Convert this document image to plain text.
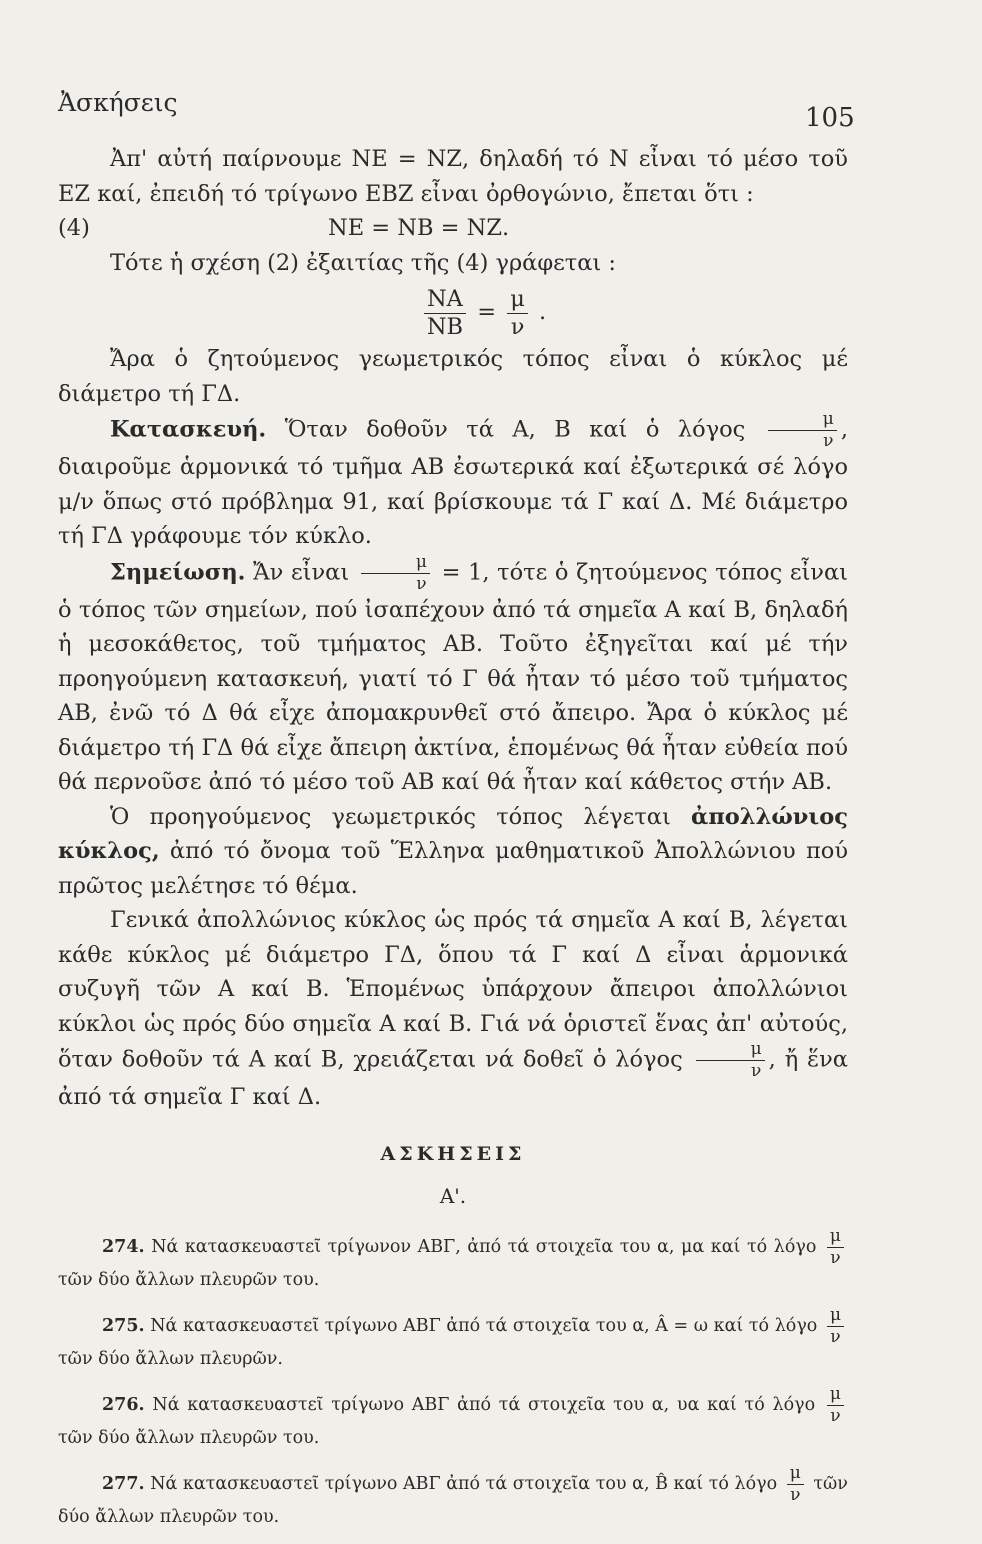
Ἀσκήσεις
105

Ἀπ' αὐτή παίρνουμε ΝΕ = ΝΖ, δηλαδή τό Ν εἶναι τό μέσο τοῦ ΕΖ καί, ἐπειδή τό τρίγωνο ΕΒΖ εἶναι ὀρθογώνιο, ἔπεται ὅτι :

(4)	ΝΕ = ΝΒ = ΝΖ.

Τότε ἡ σχέση (2) ἐξαιτίας τῆς (4) γράφεται :

$\frac{NA}{NB} = \frac{\mu}{\nu}$ .

Ἄρα ὁ ζητούμενος γεωμετρικός τόπος εἶναι ὁ κύκλος μέ διάμετρο τή ΓΔ.

Κατασκευή. Ὅταν δοθοῦν τά Α, Β καί ὁ λόγος $\frac{\mu}{\nu}$ , διαιροῦμε ἁρμονικά τό τμῆμα ΑΒ ἐσωτερικά καί ἐξωτερικά σέ λόγο μ/ν ὅπως στό πρόβλημα 91, καί βρίσκουμε τά Γ καί Δ. Μέ διάμετρο τή ΓΔ γράφουμε τόν κύκλο.

Σημείωση. Ἄν εἶναι $\frac{\mu}{\nu} = 1$, τότε ὁ ζητούμενος τόπος εἶναι ὁ τόπος τῶν σημείων, πού ἰσαπέχουν ἀπό τά σημεῖα Α καί Β, δηλαδή ἡ μεσοκάθετος, τοῦ τμήματος ΑΒ. Τοῦτο ἐξηγεῖται καί μέ τήν προηγούμενη κατασκευή, γιατί τό Γ θά ἦταν τό μέσο τοῦ τμήματος ΑΒ, ἐνῶ τό Δ θά εἶχε ἀπομακρυνθεῖ στό ἄπειρο. Ἄρα ὁ κύκλος μέ διάμετρο τή ΓΔ θά εἶχε ἄπειρη ἀκτίνα, ἑπομένως θά ἦταν εὐθεία πού θά περνοῦσε ἀπό τό μέσο τοῦ ΑΒ καί θά ἦταν καί κάθετος στήν ΑΒ.

Ὁ προηγούμενος γεωμετρικός τόπος λέγεται ἀπολλώνιος κύκλος, ἀπό τό ὄνομα τοῦ Ἕλληνα μαθηματικοῦ Ἀπολλώνιου πού πρῶτος μελέτησε τό θέμα.

Γενικά ἀπολλώνιος κύκλος ὡς πρός τά σημεῖα Α καί Β, λέγεται κάθε κύκλος μέ διάμετρο ΓΔ, ὅπου τά Γ καί Δ εἶναι ἁρμονικά συζυγῆ τῶν Α καί Β. Ἑπομένως ὑπάρχουν ἄπειροι ἀπολλώνιοι κύκλοι ὡς πρός δύο σημεῖα Α καί Β. Γιά νά ὁριστεῖ ἕνας ἀπ' αὐτούς, ὅταν δοθοῦν τά Α καί Β, χρειάζεται νά δοθεῖ ὁ λόγος $\frac{\mu}{\nu}$ , ἤ ἕνα ἀπό τά σημεῖα Γ καί Δ.

ΑΣΚΗΣΕΙΣ
Α'.

274. Νά κατασκευαστεῖ τρίγωνον ΑΒΓ, ἀπό τά στοιχεῖα του α, μα καί τό λόγο $\frac{\mu}{\nu}$
τῶν δύο ἄλλων πλευρῶν του.

275. Νά κατασκευαστεῖ τρίγωνο ΑΒΓ ἀπό τά στοιχεῖα του α, Â = ω καί τό λόγο $\frac{\mu}{\nu}$
τῶν δύο ἄλλων πλευρῶν.

276. Νά κατασκευαστεῖ τρίγωνο ΑΒΓ ἀπό τά στοιχεῖα του α, υα καί τό λόγο $\frac{\mu}{\nu}$
τῶν δύο ἄλλων πλευρῶν του.

277. Νά κατασκευαστεῖ τρίγωνο ΑΒΓ ἀπό τά στοιχεῖα του α, B̂ καί τό λόγο $\frac{\mu}{\nu}$ τῶν δύο ἄλλων πλευρῶν του.
